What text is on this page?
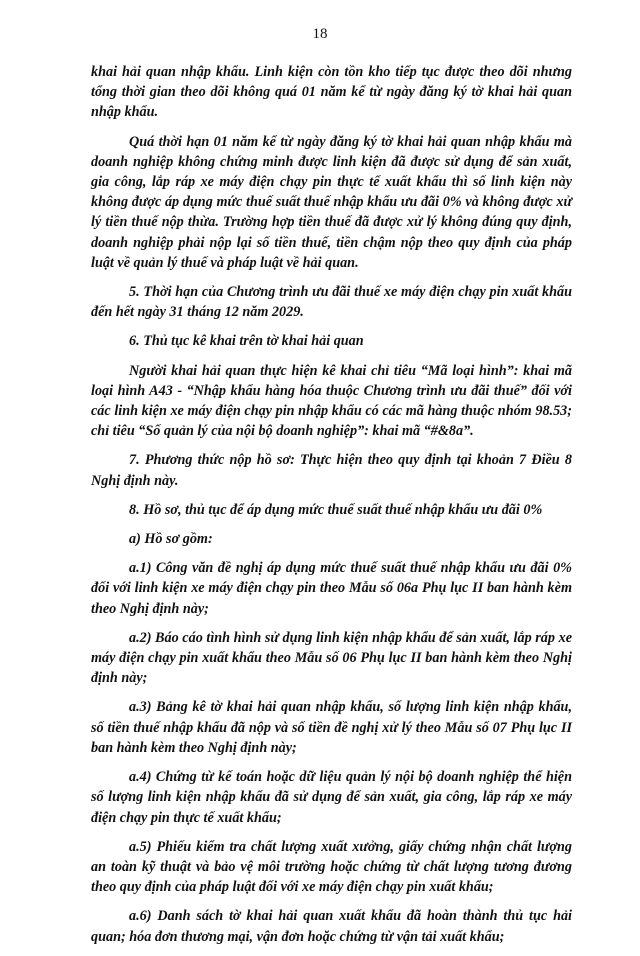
18

khai hải quan nhập khẩu. Linh kiện còn tồn kho tiếp tục được theo dõi nhưng tổng thời gian theo dõi không quá 01 năm kể từ ngày đăng ký tờ khai hải quan nhập khẩu.

Quá thời hạn 01 năm kể từ ngày đăng ký tờ khai hải quan nhập khẩu mà doanh nghiệp không chứng minh được linh kiện đã được sử dụng để sản xuất, gia công, lắp ráp xe máy điện chạy pin thực tế xuất khẩu thì số linh kiện này không được áp dụng mức thuế suất thuế nhập khẩu ưu đãi 0% và không được xử lý tiền thuế nộp thừa. Trường hợp tiền thuế đã được xử lý không đúng quy định, doanh nghiệp phải nộp lại số tiền thuế, tiền chậm nộp theo quy định của pháp luật về quản lý thuế và pháp luật về hải quan.

5. Thời hạn của Chương trình ưu đãi thuế xe máy điện chạy pin xuất khẩu đến hết ngày 31 tháng 12 năm 2029.

6. Thủ tục kê khai trên tờ khai hải quan

Người khai hải quan thực hiện kê khai chỉ tiêu “Mã loại hình”: khai mã loại hình A43 - “Nhập khẩu hàng hóa thuộc Chương trình ưu đãi thuế” đối với các linh kiện xe máy điện chạy pin nhập khẩu có các mã hàng thuộc nhóm 98.53; chỉ tiêu “Số quản lý của nội bộ doanh nghiệp”: khai mã “#&8a”.

7. Phương thức nộp hồ sơ: Thực hiện theo quy định tại khoản 7 Điều 8 Nghị định này.

8. Hồ sơ, thủ tục để áp dụng mức thuế suất thuế nhập khẩu ưu đãi 0%

a) Hồ sơ gồm:

a.1) Công văn đề nghị áp dụng mức thuế suất thuế nhập khẩu ưu đãi 0% đối với linh kiện xe máy điện chạy pin theo Mẫu số 06a Phụ lục II ban hành kèm theo Nghị định này;

a.2) Báo cáo tình hình sử dụng linh kiện nhập khẩu để sản xuất, lắp ráp xe máy điện chạy pin xuất khẩu theo Mẫu số 06 Phụ lục II ban hành kèm theo Nghị định này;

a.3) Bảng kê tờ khai hải quan nhập khẩu, số lượng linh kiện nhập khẩu, số tiền thuế nhập khẩu đã nộp và số tiền đề nghị xử lý theo Mẫu số 07 Phụ lục II ban hành kèm theo Nghị định này;

a.4) Chứng từ kế toán hoặc dữ liệu quản lý nội bộ doanh nghiệp thể hiện số lượng linh kiện nhập khẩu đã sử dụng để sản xuất, gia công, lắp ráp xe máy điện chạy pin thực tế xuất khẩu;

a.5) Phiếu kiểm tra chất lượng xuất xưởng, giấy chứng nhận chất lượng an toàn kỹ thuật và bảo vệ môi trường hoặc chứng từ chất lượng tương đương theo quy định của pháp luật đối với xe máy điện chạy pin xuất khẩu;

a.6) Danh sách tờ khai hải quan xuất khẩu đã hoàn thành thủ tục hải quan; hóa đơn thương mại, vận đơn hoặc chứng từ vận tải xuất khẩu;
